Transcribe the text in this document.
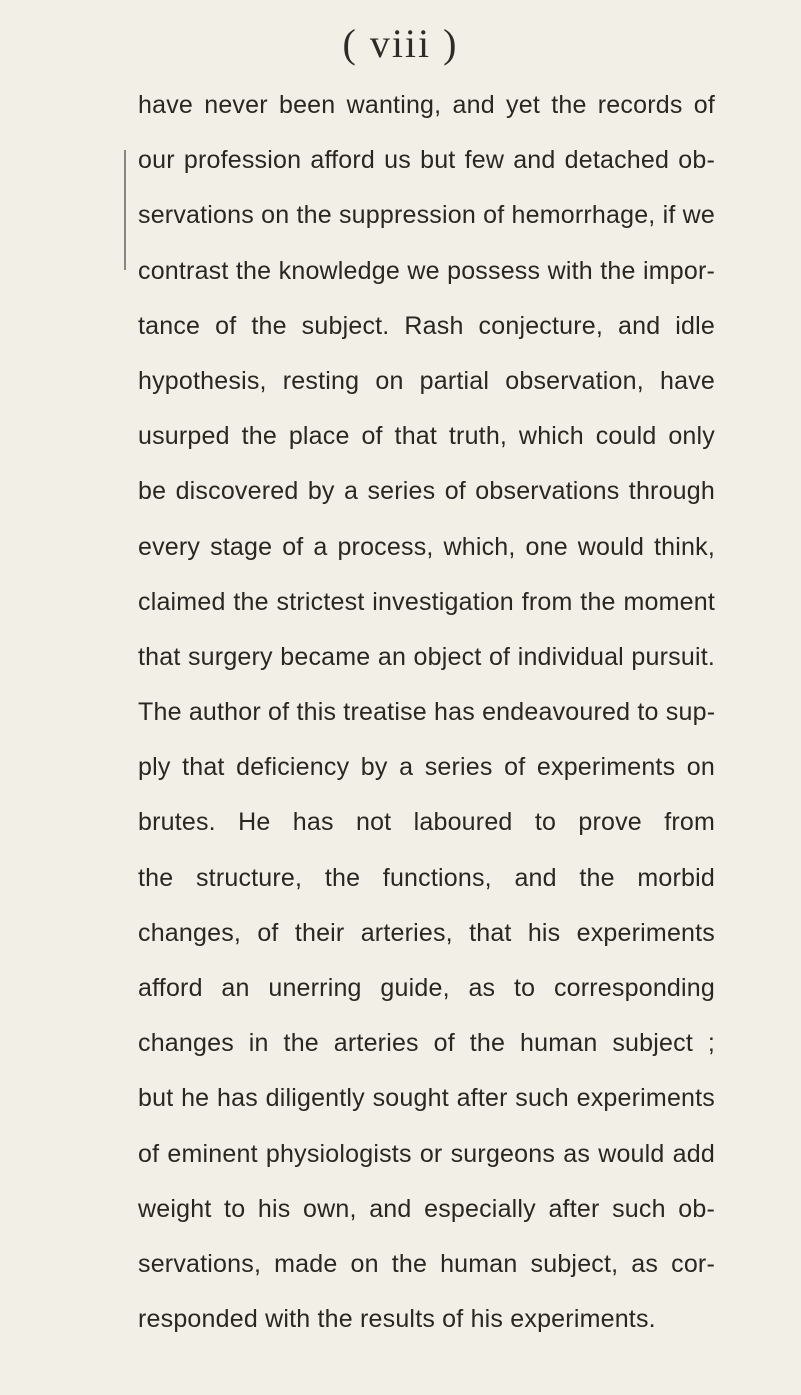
( viii )
have never been wanting, and yet the records of
our profession afford us but few and detached ob-
servations on the suppression of hemorrhage, if we
contrast the knowledge we possess with the impor-
tance of the subject. Rash conjecture, and idle
hypothesis, resting on partial observation, have
usurped the place of that truth, which could only
be discovered by a series of observations through
every stage of a process, which, one would think,
claimed the strictest investigation from the moment
that surgery became an object of individual pursuit.
The author of this treatise has endeavoured to sup-
ply that deficiency by a series of experiments on
brutes. He has not laboured to prove from
the structure, the functions, and the morbid
changes, of their arteries, that his experiments
afford an unerring guide, as to corresponding
changes in the arteries of the human subject ;
but he has diligently sought after such experiments
of eminent physiologists or surgeons as would add
weight to his own, and especially after such ob-
servations, made on the human subject, as cor-
responded with the results of his experiments.
